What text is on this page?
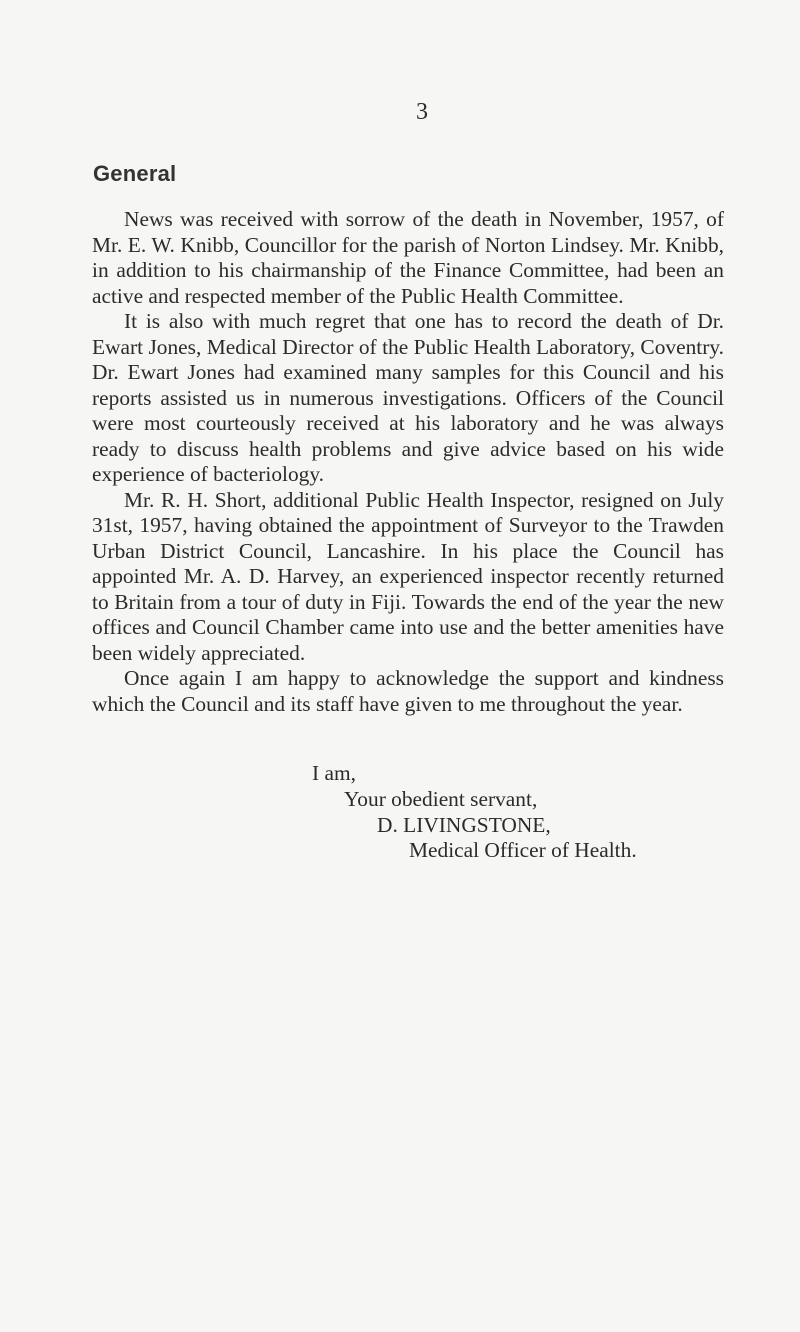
3
General

News was received with sorrow of the death in November, 1957, of Mr. E. W. Knibb, Councillor for the parish of Norton Lindsey. Mr. Knibb, in addition to his chairmanship of the Finance Committee, had been an active and respected member of the Public Health Committee.

It is also with much regret that one has to record the death of Dr. Ewart Jones, Medical Director of the Public Health Laboratory, Coventry. Dr. Ewart Jones had examined many samples for this Council and his reports assisted us in numerous investigations. Officers of the Council were most courteously received at his laboratory and he was always ready to discuss health problems and give advice based on his wide experience of bacteriology.

Mr. R. H. Short, additional Public Health Inspector, resigned on July 31st, 1957, having obtained the appointment of Surveyor to the Trawden Urban District Council, Lancashire. In his place the Council has appointed Mr. A. D. Harvey, an experienced inspector recently returned to Britain from a tour of duty in Fiji. Towards the end of the year the new offices and Council Chamber came into use and the better amenities have been widely appreciated.

Once again I am happy to acknowledge the support and kindness which the Council and its staff have given to me throughout the year.

I am,
Your obedient servant,
D. LIVINGSTONE,
Medical Officer of Health.
